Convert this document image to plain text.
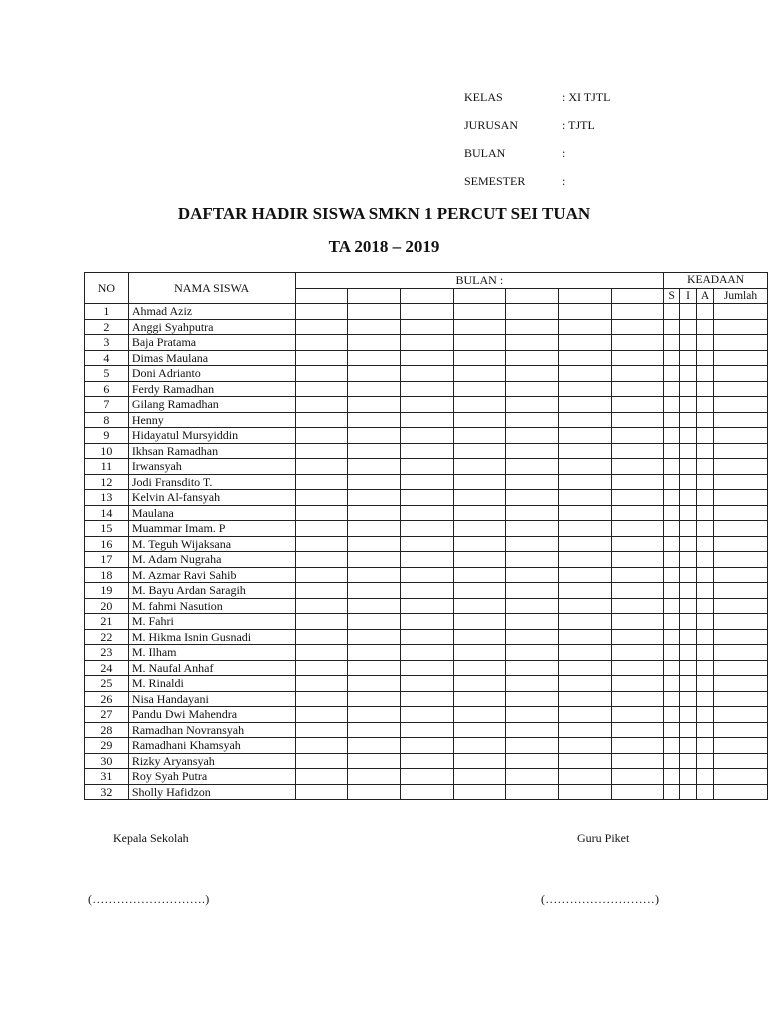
KELAS	: XI TJTL
JURUSAN	: TJTL
BULAN	:
SEMESTER	:
DAFTAR HADIR SISWA SMKN 1 PERCUT SEI TUAN
TA 2018 – 2019
NO	NAMA SISWA	BULAN :							KEADAAN			
									S	I	A	Jumlah
1	Ahmad Aziz											
2	Anggi Syahputra											
3	Baja Pratama											
4	Dimas Maulana											
5	Doni Adrianto											
6	Ferdy Ramadhan											
7	Gilang Ramadhan											
8	Henny											
9	Hidayatul Mursyiddin											
10	Ikhsan Ramadhan											
11	Irwansyah											
12	Jodi Fransdito T.											
13	Kelvin Al-fansyah											
14	Maulana											
15	Muammar Imam. P											
16	M. Teguh Wijaksana											
17	M. Adam Nugraha											
18	M. Azmar Ravi Sahib											
19	M. Bayu Ardan Saragih											
20	M. fahmi Nasution											
21	M. Fahri											
22	M. Hikma Isnin Gusnadi											
23	M. Ilham											
24	M. Naufal Anhaf											
25	M. Rinaldi											
26	Nisa Handayani											
27	Pandu Dwi Mahendra											
28	Ramadhan Novransyah											
29	Ramadhani Khamsyah											
30	Rizky Aryansyah											
31	Roy Syah Putra											
32	Sholly Hafidzon											
Kepala Sekolah	Guru Piket
(……………………….)	(………………………)
